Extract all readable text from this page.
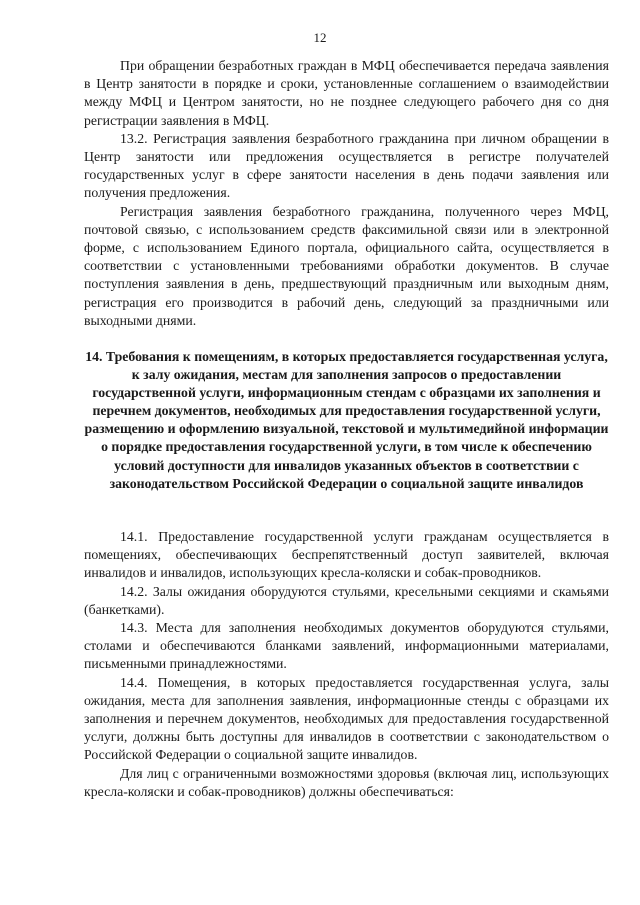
12

При обращении безработных граждан в МФЦ обеспечивается передача заявления в Центр занятости в порядке и сроки, установленные соглашением о взаимодействии между МФЦ и Центром занятости, но не позднее следующего рабочего дня со дня регистрации заявления в МФЦ.

13.2. Регистрация заявления безработного гражданина при личном обращении в Центр занятости или предложения осуществляется в регистре получателей государственных услуг в сфере занятости населения в день подачи заявления или получения предложения.

Регистрация заявления безработного гражданина, полученного через МФЦ, почтовой связью, с использованием средств факсимильной связи или в электронной форме, с использованием Единого портала, официального сайта, осуществляется в соответствии с установленными требованиями обработки документов. В случае поступления заявления в день, предшествующий праздничным или выходным дням, регистрация его производится в рабочий день, следующий за праздничными или выходными днями.

14. Требования к помещениям, в которых предоставляется государственная услуга, к залу ожидания, местам для заполнения запросов о предоставлении государственной услуги, информационным стендам с образцами их заполнения и перечнем документов, необходимых для предоставления государственной услуги, размещению и оформлению визуальной, текстовой и мультимедийной информации о порядке предоставления государственной услуги, в том числе к обеспечению условий доступности для инвалидов указанных объектов в соответствии с законодательством Российской Федерации о социальной защите инвалидов

14.1. Предоставление государственной услуги гражданам осуществляется в помещениях, обеспечивающих беспрепятственный доступ заявителей, включая инвалидов и инвалидов, использующих кресла-коляски и собак-проводников.

14.2. Залы ожидания оборудуются стульями, кресельными секциями и скамьями (банкетками).

14.3. Места для заполнения необходимых документов оборудуются стульями, столами и обеспечиваются бланками заявлений, информационными материалами, письменными принадлежностями.

14.4. Помещения, в которых предоставляется государственная услуга, залы ожидания, места для заполнения заявления, информационные стенды с образцами их заполнения и перечнем документов, необходимых для предоставления государственной услуги, должны быть доступны для инвалидов в соответствии с законодательством о Российской Федерации о социальной защите инвалидов.

Для лиц с ограниченными возможностями здоровья (включая лиц, использующих кресла-коляски и собак-проводников) должны обеспечиваться:
